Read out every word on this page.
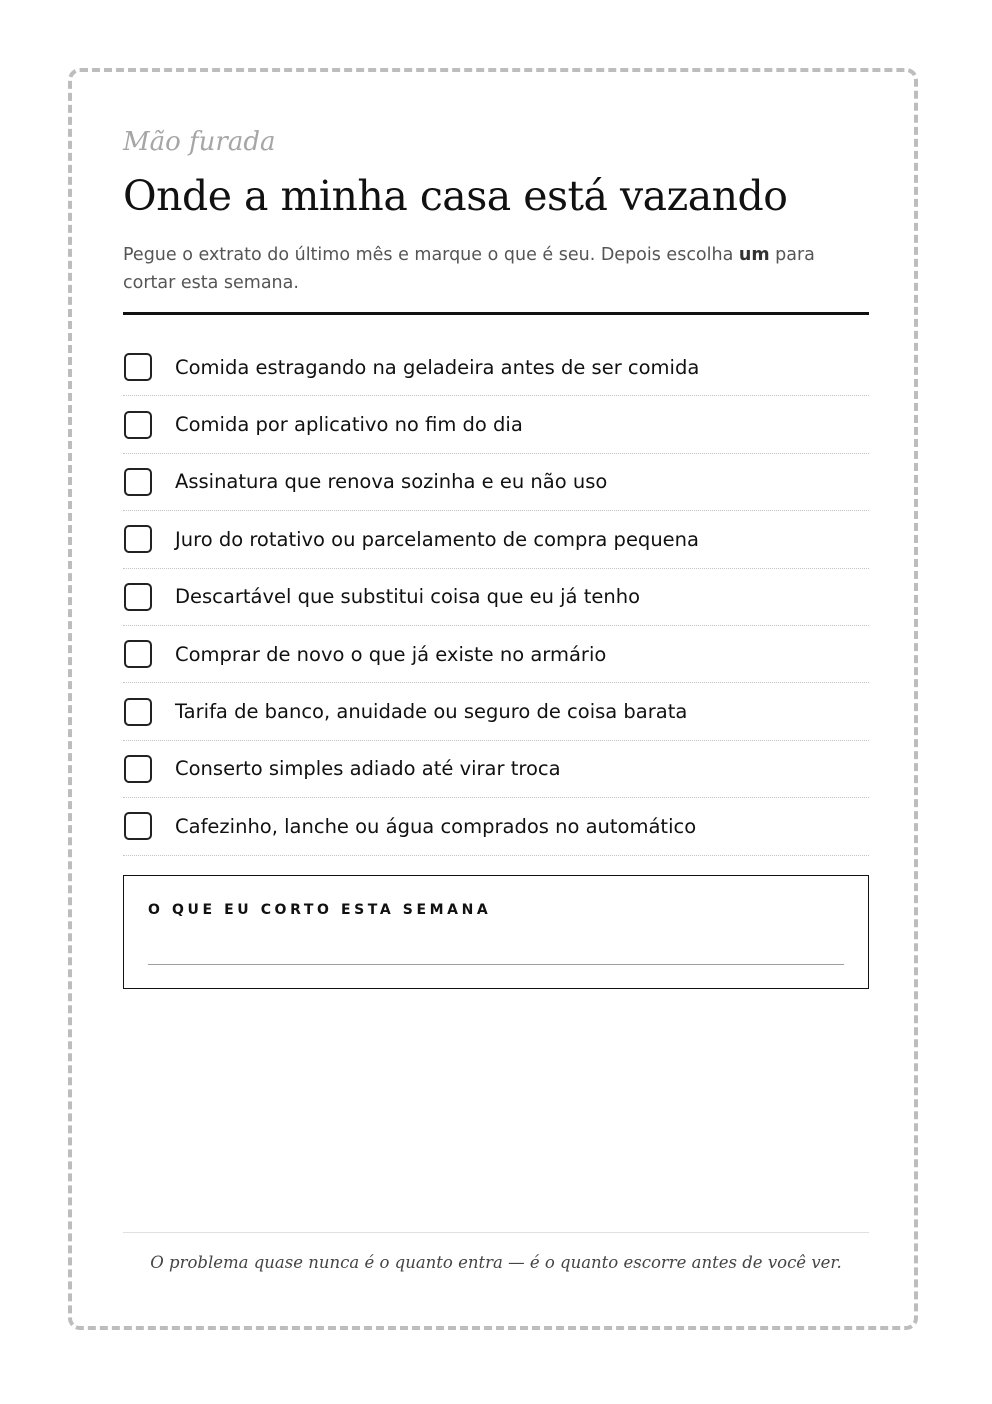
Mão furada

Onde a minha casa está vazando

Pegue o extrato do último mês e marque o que é seu. Depois escolha um para cortar esta semana.

Comida estragando na geladeira antes de ser comida
Comida por aplicativo no fim do dia
Assinatura que renova sozinha e eu não uso
Juro do rotativo ou parcelamento de compra pequena
Descartável que substitui coisa que eu já tenho
Comprar de novo o que já existe no armário
Tarifa de banco, anuidade ou seguro de coisa barata
Conserto simples adiado até virar troca
Cafezinho, lanche ou água comprados no automático
O QUE EU CORTO ESTA SEMANA

O problema quase nunca é o quanto entra — é o quanto escorre antes de você ver.
